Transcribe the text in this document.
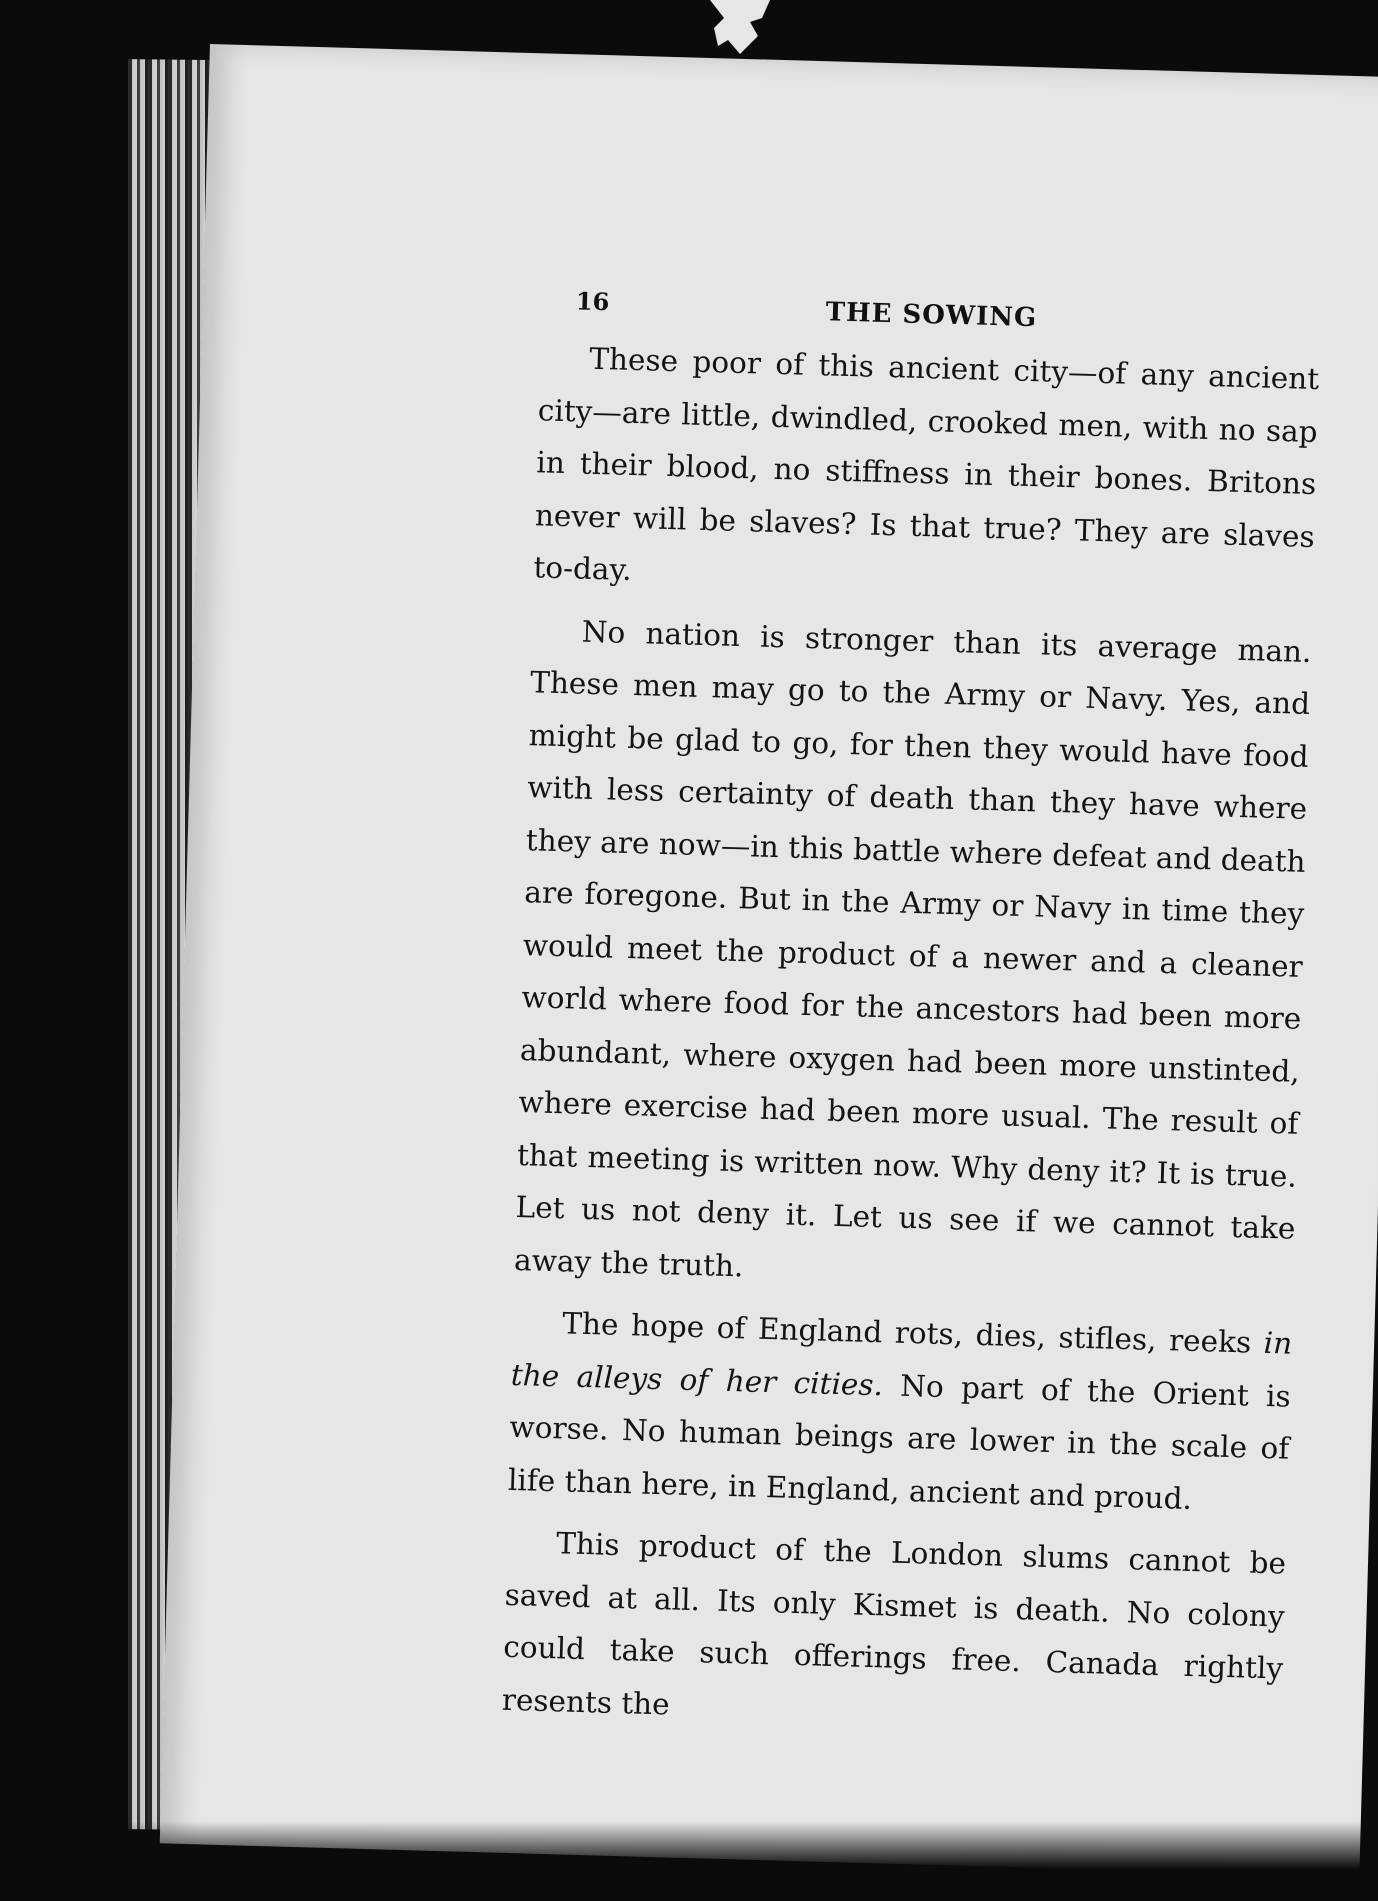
16	THE SOWING

These poor of this ancient city—of any ancient city—are little, dwindled, crooked men, with no sap in their blood, no stiffness in their bones. Britons never will be slaves? Is that true? They are slaves to-day.

No nation is stronger than its average man. These men may go to the Army or Navy. Yes, and might be glad to go, for then they would have food with less certainty of death than they have where they are now—in this battle where defeat and death are foregone. But in the Army or Navy in time they would meet the product of a newer and a cleaner world where food for the ancestors had been more abundant, where oxygen had been more unstinted, where exercise had been more usual. The result of that meeting is written now. Why deny it? It is true. Let us not deny it. Let us see if we cannot take away the truth.

The hope of England rots, dies, stifles, reeks in the alleys of her cities. No part of the Orient is worse. No human beings are lower in the scale of life than here, in England, ancient and proud.

This product of the London slums cannot be saved at all. Its only Kismet is death. No colony could take such offerings free. Canada rightly resents the
